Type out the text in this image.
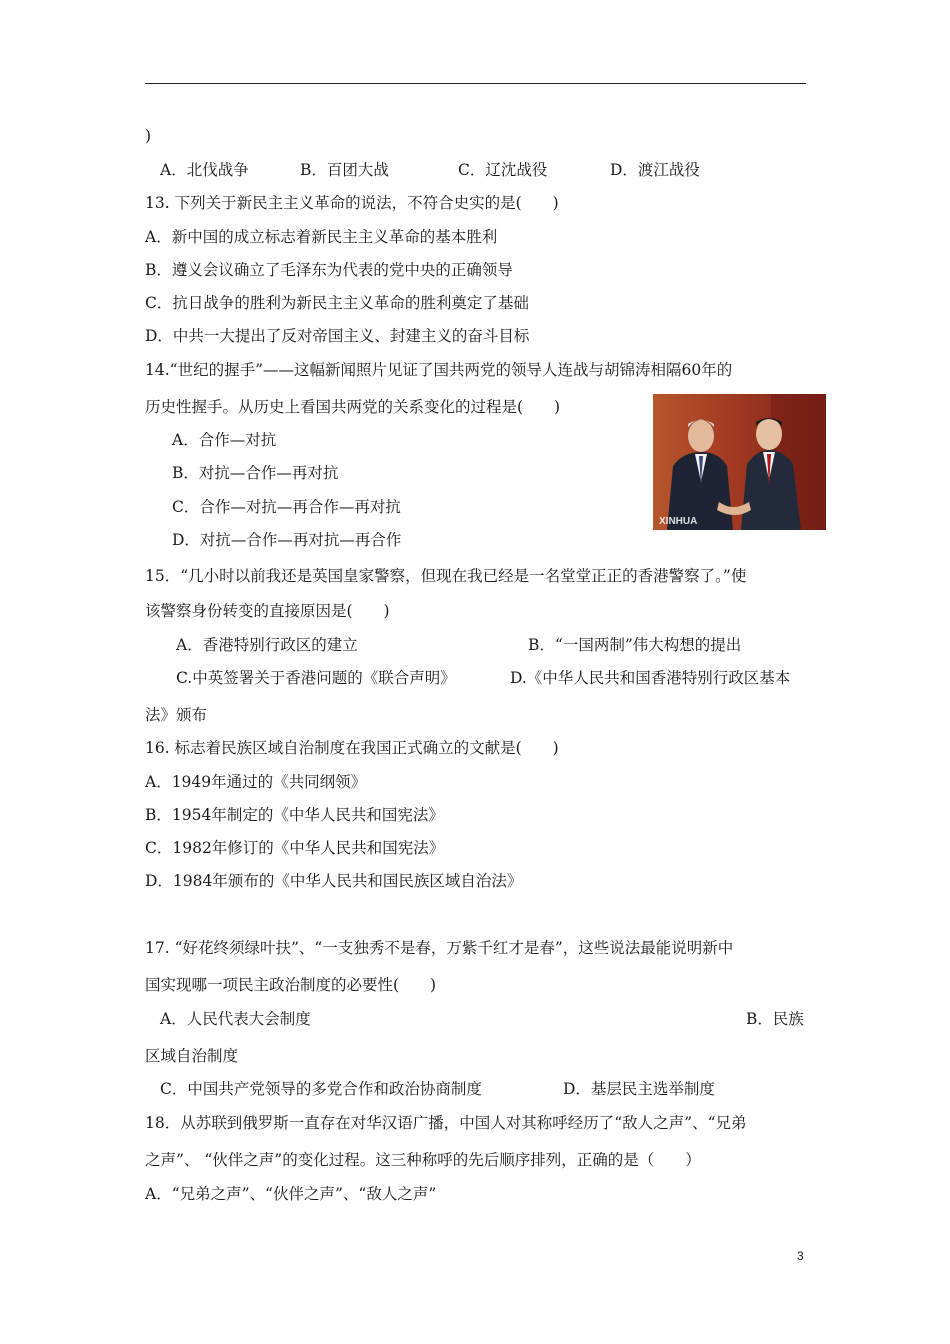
)
A．北伐战争	B．百团大战	C．辽沈战役	D．渡江战役
13. 下列关于新民主主义革命的说法，不符合史实的是(　　)
A．新中国的成立标志着新民主主义革命的基本胜利
B．遵义会议确立了毛泽东为代表的党中央的正确领导
C．抗日战争的胜利为新民主主义革命的胜利奠定了基础
D．中共一大提出了反对帝国主义、封建主义的奋斗目标
14.“世纪的握手”——这幅新闻照片见证了国共两党的领导人连战与胡锦涛相隔60年的
历史性握手。从历史上看国共两党的关系变化的过程是(　　)
A．合作—对抗
B．对抗—合作—再对抗
C．合作—对抗—再合作—再对抗
D．对抗—合作—再对抗—再合作
XINHUA
15．“几小时以前我还是英国皇家警察，但现在我已经是一名堂堂正正的香港警察了。”使
该警察身份转变的直接原因是(　　)
A．香港特别行政区的建立	B．“一国两制”伟大构想的提出
C.中英签署关于香港问题的《联合声明》	D.《中华人民共和国香港特别行政区基本
法》颁布
16. 标志着民族区域自治制度在我国正式确立的文献是(　　)
A．1949年通过的《共同纲领》
B．1954年制定的《中华人民共和国宪法》
C．1982年修订的《中华人民共和国宪法》
D．1984年颁布的《中华人民共和国民族区域自治法》
17. “好花终须绿叶扶”、“一支独秀不是春，万紫千红才是春”，这些说法最能说明新中
国实现哪一项民主政治制度的必要性(　　)
A．人民代表大会制度	B．民族
区域自治制度
C．中国共产党领导的多党合作和政治协商制度	D．基层民主选举制度
18．从苏联到俄罗斯一直存在对华汉语广播，中国人对其称呼经历了“敌人之声”、“兄弟
之声”、 “伙伴之声”的变化过程。这三种称呼的先后顺序排列，正确的是（　　）
A．“兄弟之声”、“伙伴之声”、“敌人之声”
3
